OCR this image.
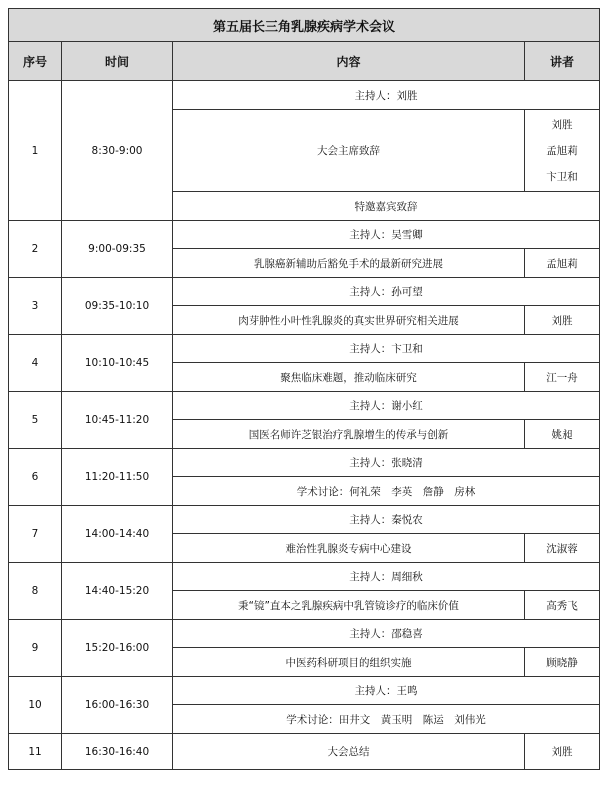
第五届长三角乳腺疾病学术会议			
序号	时间	内容	讲者
1	8:30-9:00	主持人：刘胜	
		大会主席致辞	刘胜
孟旭莉
卞卫和

		特邀嘉宾致辞	
2	9:00-09:35	主持人：吴雪卿	
		乳腺癌新辅助后豁免手术的最新研究进展	孟旭莉
3	09:35-10:10	主持人：孙可望	
		肉芽肿性小叶性乳腺炎的真实世界研究相关进展	刘胜
4	10:10-10:45	主持人：卞卫和	
		聚焦临床难题，推动临床研究	江一舟
5	10:45-11:20	主持人：谢小红	
		国医名师许芝银治疗乳腺增生的传承与创新	姚昶
6	11:20-11:50	主持人：张晓清	
		学术讨论：何礼荣　李英　詹静　房林	
7	14:00-14:40	主持人：秦悦农	
		难治性乳腺炎专病中心建设	沈淑蓉
8	14:40-15:20	主持人：周细秋	
		秉“镜”直本之乳腺疾病中乳管镜诊疗的临床价值	高秀飞
9	15:20-16:00	主持人：邵稳喜	
		中医药科研项目的组织实施	顾晓静
10	16:00-16:30	主持人：王鸣	
		学术讨论：田井文　黄玉明　陈运　刘伟光	
11	16:30-16:40	大会总结	刘胜
